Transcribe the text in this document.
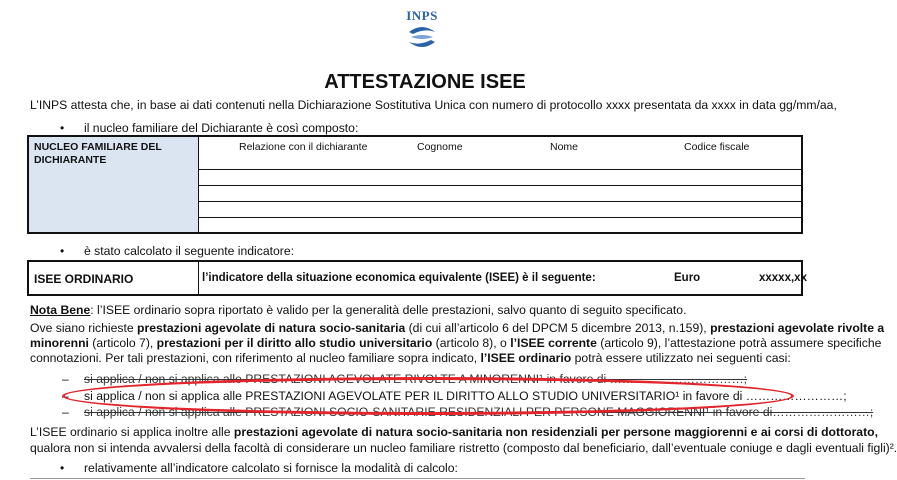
INPS
ATTESTAZIONE ISEE
L’INPS attesta che, in base ai dati contenuti nella Dichiarazione Sostitutiva Unica con numero di protocollo xxxx presentata da xxxx in data gg/mm/aa,
• il nucleo familiare del Dichiarante è così composto:
NUCLEO FAMILIARE DEL
DICHIARANTE
Relazione con il dichiarante	Cognome	Nome	Codice fiscale
• è stato calcolato il seguente indicatore:
ISEE ORDINARIO	l’indicatore della situazione economica equivalente (ISEE) è il seguente:	Euro	xxxxx,xx
Nota Bene: l’ISEE ordinario sopra riportato è valido per la generalità delle prestazioni, salvo quanto di seguito specificato.
Ove siano richieste prestazioni agevolate di natura socio-sanitaria (di cui all’articolo 6 del DPCM 5 dicembre 2013, n.159), prestazioni agevolate rivolte a
minorenni (articolo 7), prestazioni per il diritto allo studio universitario (articolo 8), o l’ISEE corrente (articolo 9), l’attestazione potrà assumere specifiche
connotazioni. Per tali prestazioni, con riferimento al nucleo familiare sopra indicato, l’ISEE ordinario potrà essere utilizzato nei seguenti casi:
– si applica / non si applica alle PRESTAZIONI AGEVOLATE RIVOLTE A MINORENNI¹ in favore di ……………………………;
– si applica / non si applica alle PRESTAZIONI AGEVOLATE PER IL DIRITTO ALLO STUDIO UNIVERSITARIO¹ in favore di ……………………;
– si applica / non si applica alle PRESTAZIONI SOCIO-SANITARIE RESIDENZIALI PER PERSONE MAGGIORENNI¹ in favore di……………………;
L’ISEE ordinario si applica inoltre alle prestazioni agevolate di natura socio-sanitaria non residenziali per persone maggiorenni e ai corsi di dottorato,
qualora non si intenda avvalersi della facoltà di considerare un nucleo familiare ristretto (composto dal beneficiario, dall’eventuale coniuge e dagli eventuali figli)².
• relativamente all’indicatore calcolato si fornisce la modalità di calcolo:
